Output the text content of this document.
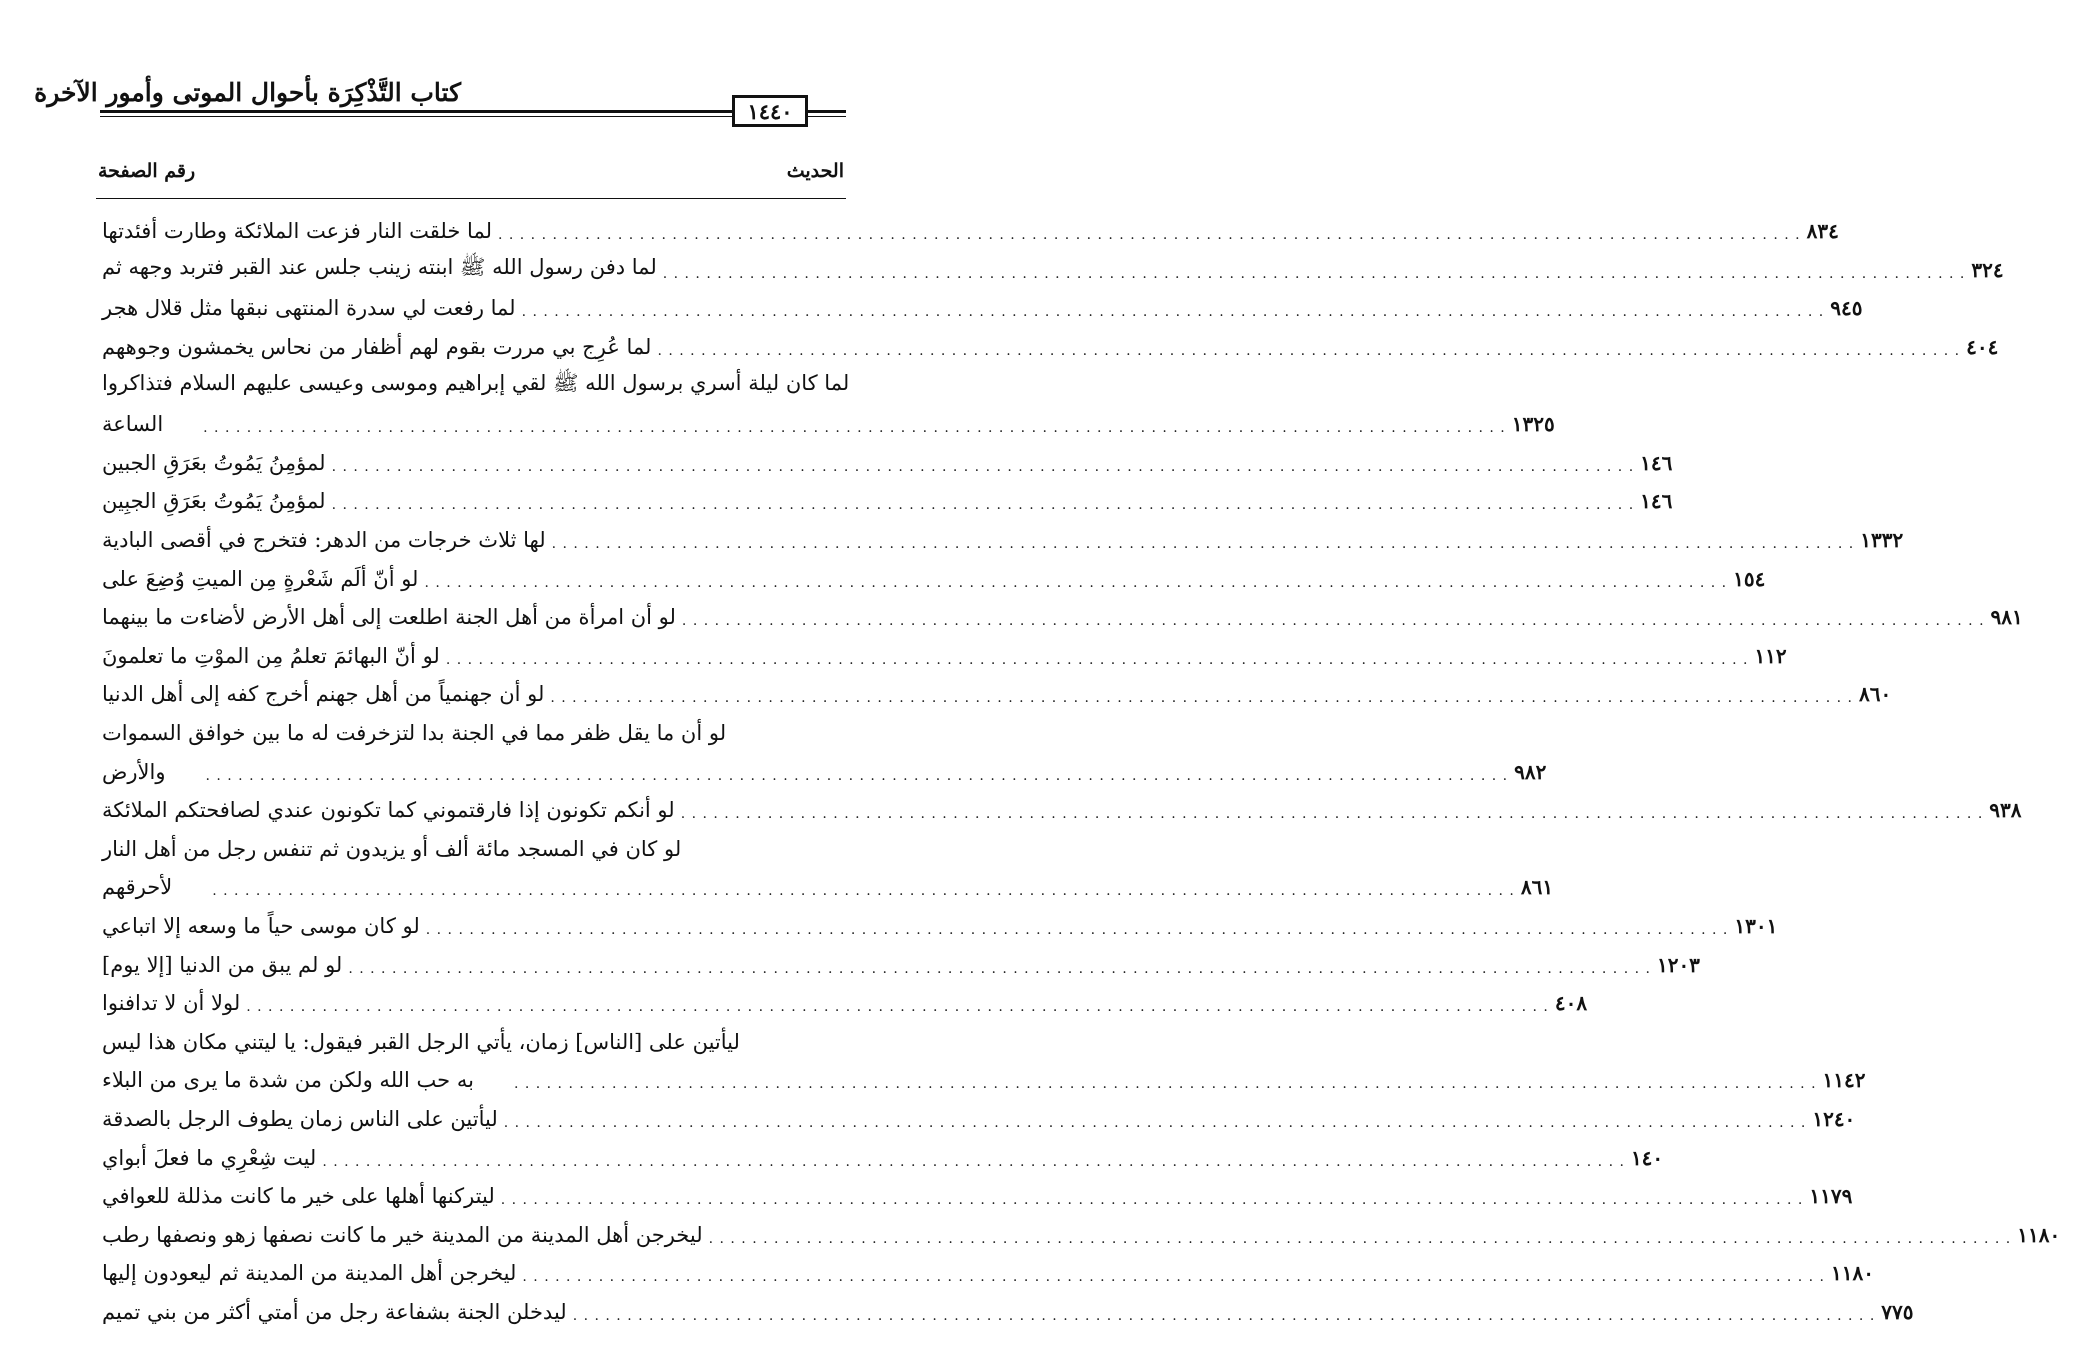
كتاب التَّذْكِرَة بأحوال الموتى وأمور الآخرة
١٤٤٠
الحديث
رقم الصفحة
لما خلقت النار فزعت الملائكة وطارت أفئدتها . . . . . . . . . . . . . . . . . . . . . . . . . . . . . . . . . . . . . . . . . . . . . . . . . . . . . . . . . . . . . . . . . . . . . . . . . . . . . . . . . . . . . . . . . . . . . . . . . . . . . . . . . . . . . . . . . . . . . . . . ٨٣٤
لما دفن رسول الله ﷺ ابنته زينب جلس عند القبر فتربد وجهه ثم . . . . . . . . . . . . . . . . . . . . . . . . . . . . . . . . . . . . . . . . . . . . . . . . . . . . . . . . . . . . . . . . . . . . . . . . . . . . . . . . . . . . . . . . . . . . . . . . . . . . . . . . . . . . . . . . . . . . . . . . ٣٢٤
لما رفعت لي سدرة المنتهى نبقها مثل قلال هجر . . . . . . . . . . . . . . . . . . . . . . . . . . . . . . . . . . . . . . . . . . . . . . . . . . . . . . . . . . . . . . . . . . . . . . . . . . . . . . . . . . . . . . . . . . . . . . . . . . . . . . . . . . . . . . . . . . . . . . . . ٩٤٥
لما عُرِج بي مررت بقوم لهم أظفار من نحاس يخمشون وجوههم . . . . . . . . . . . . . . . . . . . . . . . . . . . . . . . . . . . . . . . . . . . . . . . . . . . . . . . . . . . . . . . . . . . . . . . . . . . . . . . . . . . . . . . . . . . . . . . . . . . . . . . . . . . . . . . . . . . . . . . . ٤٠٤
لما كان ليلة أسري برسول الله ﷺ لقي إبراهيم وموسى وعيسى عليهم السلام فتذاكروا
الساعة	. . . . . . . . . . . . . . . . . . . . . . . . . . . . . . . . . . . . . . . . . . . . . . . . . . . . . . . . . . . . . . . . . . . . . . . . . . . . . . . . . . . . . . . . . . . . . . . . . . . . . . . . . . . . . . . . . . . . . . . . ١٣٢٥
لمؤمِنُ يَمُوتُ بعَرَقِ الجبين . . . . . . . . . . . . . . . . . . . . . . . . . . . . . . . . . . . . . . . . . . . . . . . . . . . . . . . . . . . . . . . . . . . . . . . . . . . . . . . . . . . . . . . . . . . . . . . . . . . . . . . . . . . . . . . . . . . . . . . . ١٤٦
لمؤمِنُ يَمُوتُ بعَرَقِ الجبِين . . . . . . . . . . . . . . . . . . . . . . . . . . . . . . . . . . . . . . . . . . . . . . . . . . . . . . . . . . . . . . . . . . . . . . . . . . . . . . . . . . . . . . . . . . . . . . . . . . . . . . . . . . . . . . . . . . . . . . . . ١٤٦
لها ثلاث خرجات من الدهر: فتخرج في أقصى البادية . . . . . . . . . . . . . . . . . . . . . . . . . . . . . . . . . . . . . . . . . . . . . . . . . . . . . . . . . . . . . . . . . . . . . . . . . . . . . . . . . . . . . . . . . . . . . . . . . . . . . . . . . . . . . . . . . . . . . . . . ١٣٣٢
لو أنّ ألَم شَعْرةٍ مِن الميتِ وُضِعَ على . . . . . . . . . . . . . . . . . . . . . . . . . . . . . . . . . . . . . . . . . . . . . . . . . . . . . . . . . . . . . . . . . . . . . . . . . . . . . . . . . . . . . . . . . . . . . . . . . . . . . . . . . . . . . . . . . . . . . . . . ١٥٤
لو أن امرأة من أهل الجنة اطلعت إلى أهل الأرض لأضاءت ما بينهما . . . . . . . . . . . . . . . . . . . . . . . . . . . . . . . . . . . . . . . . . . . . . . . . . . . . . . . . . . . . . . . . . . . . . . . . . . . . . . . . . . . . . . . . . . . . . . . . . . . . . . . . . . . . . . . . . . . . . . . . ٩٨١
لو أنّ البهائمَ تعلمُ مِن الموْتِ ما تعلمونَ . . . . . . . . . . . . . . . . . . . . . . . . . . . . . . . . . . . . . . . . . . . . . . . . . . . . . . . . . . . . . . . . . . . . . . . . . . . . . . . . . . . . . . . . . . . . . . . . . . . . . . . . . . . . . . . . . . . . . . . . ١١٢
لو أن جهنمياً من أهل جهنم أخرج كفه إلى أهل الدنيا . . . . . . . . . . . . . . . . . . . . . . . . . . . . . . . . . . . . . . . . . . . . . . . . . . . . . . . . . . . . . . . . . . . . . . . . . . . . . . . . . . . . . . . . . . . . . . . . . . . . . . . . . . . . . . . . . . . . . . . . ٨٦٠
لو أن ما يقل ظفر مما في الجنة بدا لتزخرفت له ما بين خوافق السموات
والأرض	. . . . . . . . . . . . . . . . . . . . . . . . . . . . . . . . . . . . . . . . . . . . . . . . . . . . . . . . . . . . . . . . . . . . . . . . . . . . . . . . . . . . . . . . . . . . . . . . . . . . . . . . . . . . . . . . . . . . . . . . ٩٨٢
لو أنكم تكونون إذا فارقتموني كما تكونون عندي لصافحتكم الملائكة . . . . . . . . . . . . . . . . . . . . . . . . . . . . . . . . . . . . . . . . . . . . . . . . . . . . . . . . . . . . . . . . . . . . . . . . . . . . . . . . . . . . . . . . . . . . . . . . . . . . . . . . . . . . . . . . . . . . . . . . ٩٣٨
لو كان في المسجد مائة ألف أو يزيدون ثم تنفس رجل من أهل النار
لأحرقهم	. . . . . . . . . . . . . . . . . . . . . . . . . . . . . . . . . . . . . . . . . . . . . . . . . . . . . . . . . . . . . . . . . . . . . . . . . . . . . . . . . . . . . . . . . . . . . . . . . . . . . . . . . . . . . . . . . . . . . . . . ٨٦١
لو كان موسى حياً ما وسعه إلا اتباعي . . . . . . . . . . . . . . . . . . . . . . . . . . . . . . . . . . . . . . . . . . . . . . . . . . . . . . . . . . . . . . . . . . . . . . . . . . . . . . . . . . . . . . . . . . . . . . . . . . . . . . . . . . . . . . . . . . . . . . . . ١٣٠١
لو لم يبق من الدنيا [إلا يوم] . . . . . . . . . . . . . . . . . . . . . . . . . . . . . . . . . . . . . . . . . . . . . . . . . . . . . . . . . . . . . . . . . . . . . . . . . . . . . . . . . . . . . . . . . . . . . . . . . . . . . . . . . . . . . . . . . . . . . . . . ١٢٠٣
لولا أن لا تدافنوا . . . . . . . . . . . . . . . . . . . . . . . . . . . . . . . . . . . . . . . . . . . . . . . . . . . . . . . . . . . . . . . . . . . . . . . . . . . . . . . . . . . . . . . . . . . . . . . . . . . . . . . . . . . . . . . . . . . . . . . . ٤٠٨
ليأتين على [الناس] زمان، يأتي الرجل القبر فيقول: يا ليتني مكان هذا ليس
به حب الله ولكن من شدة ما يرى من البلاء	. . . . . . . . . . . . . . . . . . . . . . . . . . . . . . . . . . . . . . . . . . . . . . . . . . . . . . . . . . . . . . . . . . . . . . . . . . . . . . . . . . . . . . . . . . . . . . . . . . . . . . . . . . . . . . . . . . . . . . . . ١١٤٢
ليأتين على الناس زمان يطوف الرجل بالصدقة . . . . . . . . . . . . . . . . . . . . . . . . . . . . . . . . . . . . . . . . . . . . . . . . . . . . . . . . . . . . . . . . . . . . . . . . . . . . . . . . . . . . . . . . . . . . . . . . . . . . . . . . . . . . . . . . . . . . . . . . ١٢٤٠
ليت شِعْرِي ما فعلَ أبواي . . . . . . . . . . . . . . . . . . . . . . . . . . . . . . . . . . . . . . . . . . . . . . . . . . . . . . . . . . . . . . . . . . . . . . . . . . . . . . . . . . . . . . . . . . . . . . . . . . . . . . . . . . . . . . . . . . . . . . . . ١٤٠
ليتركنها أهلها على خير ما كانت مذللة للعوافي . . . . . . . . . . . . . . . . . . . . . . . . . . . . . . . . . . . . . . . . . . . . . . . . . . . . . . . . . . . . . . . . . . . . . . . . . . . . . . . . . . . . . . . . . . . . . . . . . . . . . . . . . . . . . . . . . . . . . . . . ١١٧٩
ليخرجن أهل المدينة من المدينة خير ما كانت نصفها زهو ونصفها رطب . . . . . . . . . . . . . . . . . . . . . . . . . . . . . . . . . . . . . . . . . . . . . . . . . . . . . . . . . . . . . . . . . . . . . . . . . . . . . . . . . . . . . . . . . . . . . . . . . . . . . . . . . . . . . . . . . . . . . . . . ١١٨٠
ليخرجن أهل المدينة من المدينة ثم ليعودون إليها . . . . . . . . . . . . . . . . . . . . . . . . . . . . . . . . . . . . . . . . . . . . . . . . . . . . . . . . . . . . . . . . . . . . . . . . . . . . . . . . . . . . . . . . . . . . . . . . . . . . . . . . . . . . . . . . . . . . . . . . ١١٨٠
ليدخلن الجنة بشفاعة رجل من أمتي أكثر من بني تميم . . . . . . . . . . . . . . . . . . . . . . . . . . . . . . . . . . . . . . . . . . . . . . . . . . . . . . . . . . . . . . . . . . . . . . . . . . . . . . . . . . . . . . . . . . . . . . . . . . . . . . . . . . . . . . . . . . . . . . . . ٧٧٥
